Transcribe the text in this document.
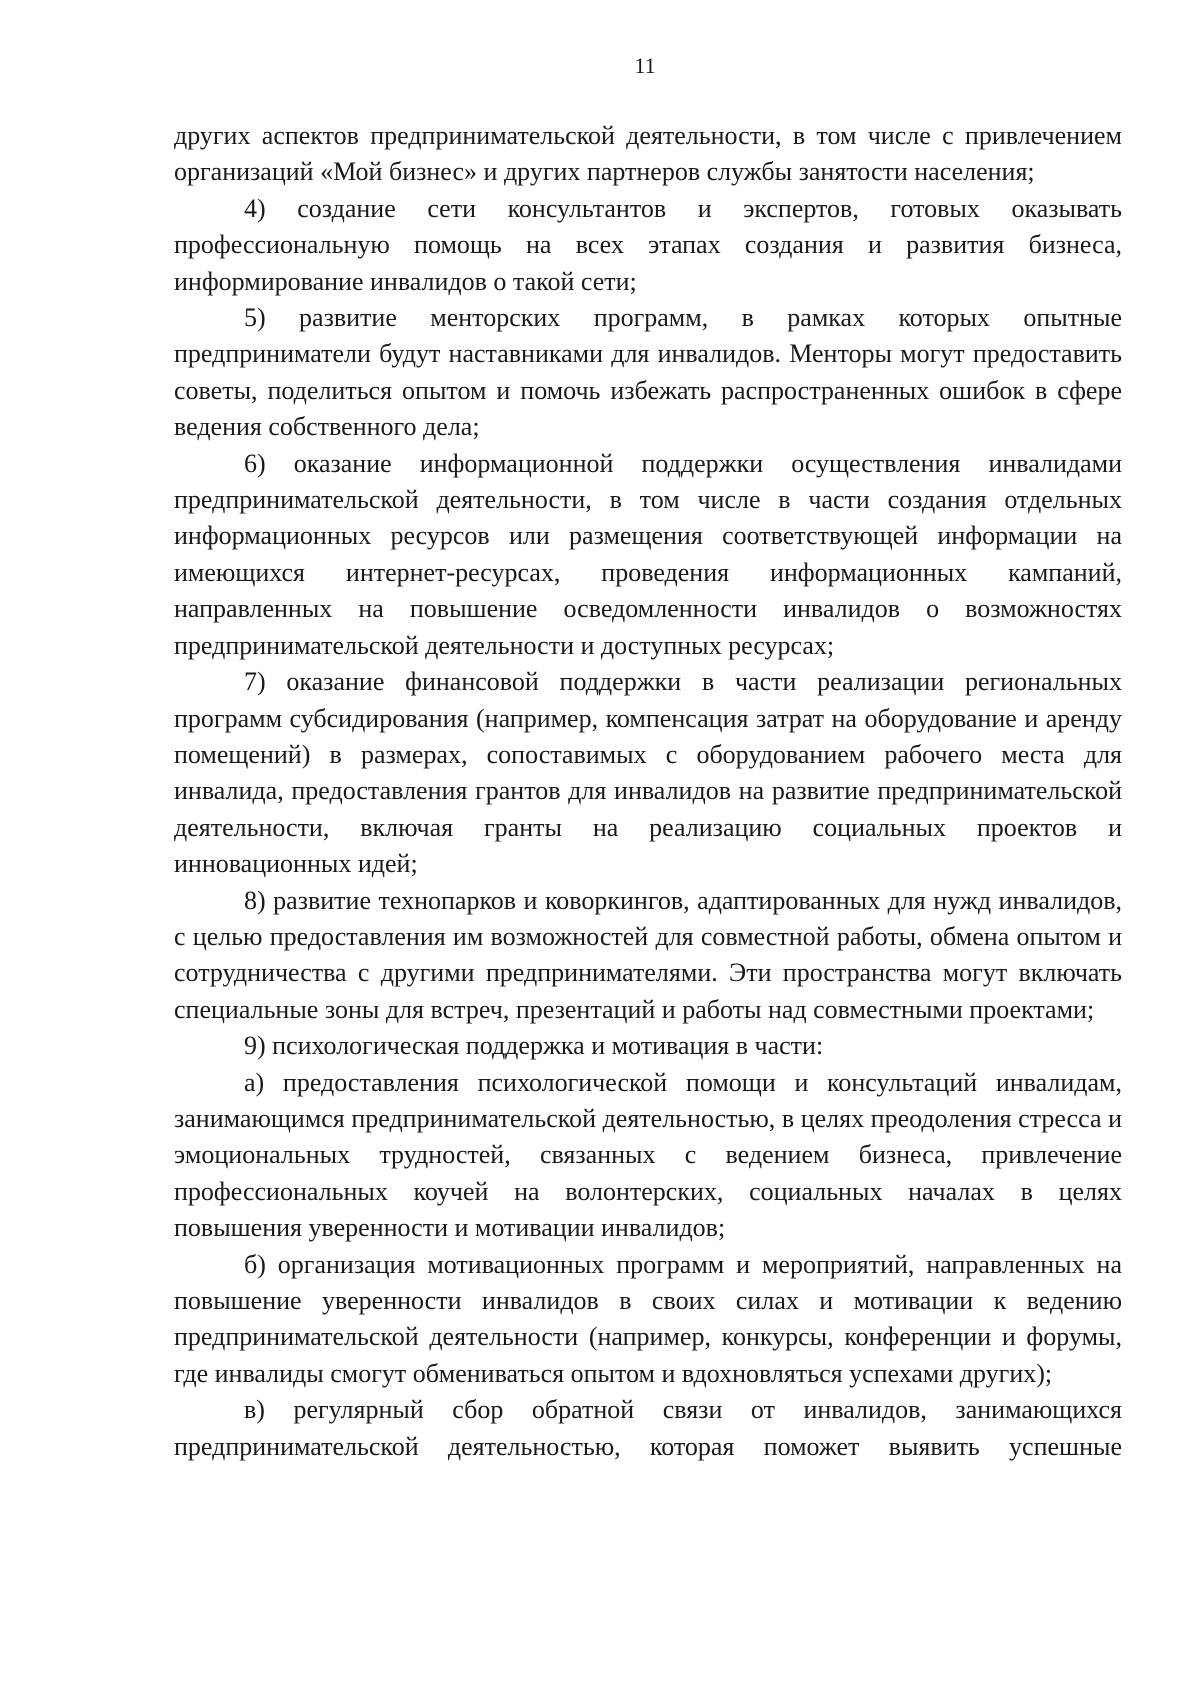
11

других аспектов предпринимательской деятельности, в том числе с привлечением организаций «Мой бизнес» и других партнеров службы занятости населения;

4) создание сети консультантов и экспертов, готовых оказывать профессиональную помощь на всех этапах создания и развития бизнеса, информирование инвалидов о такой сети;

5) развитие менторских программ, в рамках которых опытные предприниматели будут наставниками для инвалидов. Менторы могут предоставить советы, поделиться опытом и помочь избежать распространенных ошибок в сфере ведения собственного дела;

6) оказание информационной поддержки осуществления инвалидами предпринимательской деятельности, в том числе в части создания отдельных информационных ресурсов или размещения соответствующей информации на имеющихся интернет-ресурсах, проведения информационных кампаний, направленных на повышение осведомленности инвалидов о возможностях предпринимательской деятельности и доступных ресурсах;

7) оказание финансовой поддержки в части реализации региональных программ субсидирования (например, компенсация затрат на оборудование и аренду помещений) в размерах, сопоставимых с оборудованием рабочего места для инвалида, предоставления грантов для инвалидов на развитие предпринимательской деятельности, включая гранты на реализацию социальных проектов и инновационных идей;

8) развитие технопарков и коворкингов, адаптированных для нужд инвалидов, с целью предоставления им возможностей для совместной работы, обмена опытом и сотрудничества с другими предпринимателями. Эти пространства могут включать специальные зоны для встреч, презентаций и работы над совместными проектами;

9) психологическая поддержка и мотивация в части:

а) предоставления психологической помощи и консультаций инвалидам, занимающимся предпринимательской деятельностью, в целях преодоления стресса и эмоциональных трудностей, связанных с ведением бизнеса, привлечение профессиональных коучей на волонтерских, социальных началах в целях повышения уверенности и мотивации инвалидов;

б) организация мотивационных программ и мероприятий, направленных на повышение уверенности инвалидов в своих силах и мотивации к ведению предпринимательской деятельности (например, конкурсы, конференции и форумы, где инвалиды смогут обмениваться опытом и вдохновляться успехами других);

в) регулярный сбор обратной связи от инвалидов, занимающихся предпринимательской деятельностью, которая поможет выявить успешные
